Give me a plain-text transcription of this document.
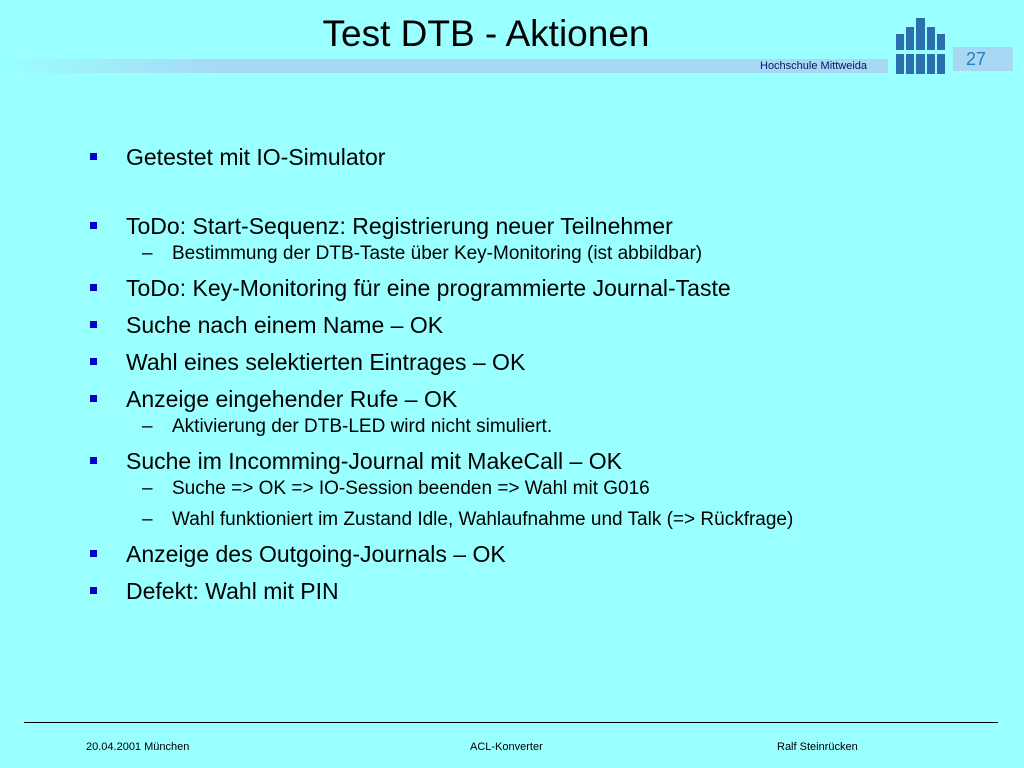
Test DTB - Aktionen
Hochschule Mittweida	27
Getestet mit IO-Simulator
ToDo: Start-Sequenz: Registrierung neuer Teilnehmer
– Bestimmung der DTB-Taste über Key-Monitoring (ist abbildbar)
ToDo: Key-Monitoring für eine programmierte Journal-Taste
Suche nach einem Name – OK
Wahl eines selektierten Eintrages – OK
Anzeige eingehender Rufe – OK
– Aktivierung der DTB-LED wird nicht simuliert.
Suche im Incomming-Journal mit MakeCall – OK
– Suche => OK => IO-Session beenden => Wahl mit G016
– Wahl funktioniert im Zustand Idle, Wahlaufnahme und Talk (=> Rückfrage)
Anzeige des Outgoing-Journals – OK
Defekt: Wahl mit PIN
20.04.2001 München	ACL-Konverter	Ralf Steinrücken
